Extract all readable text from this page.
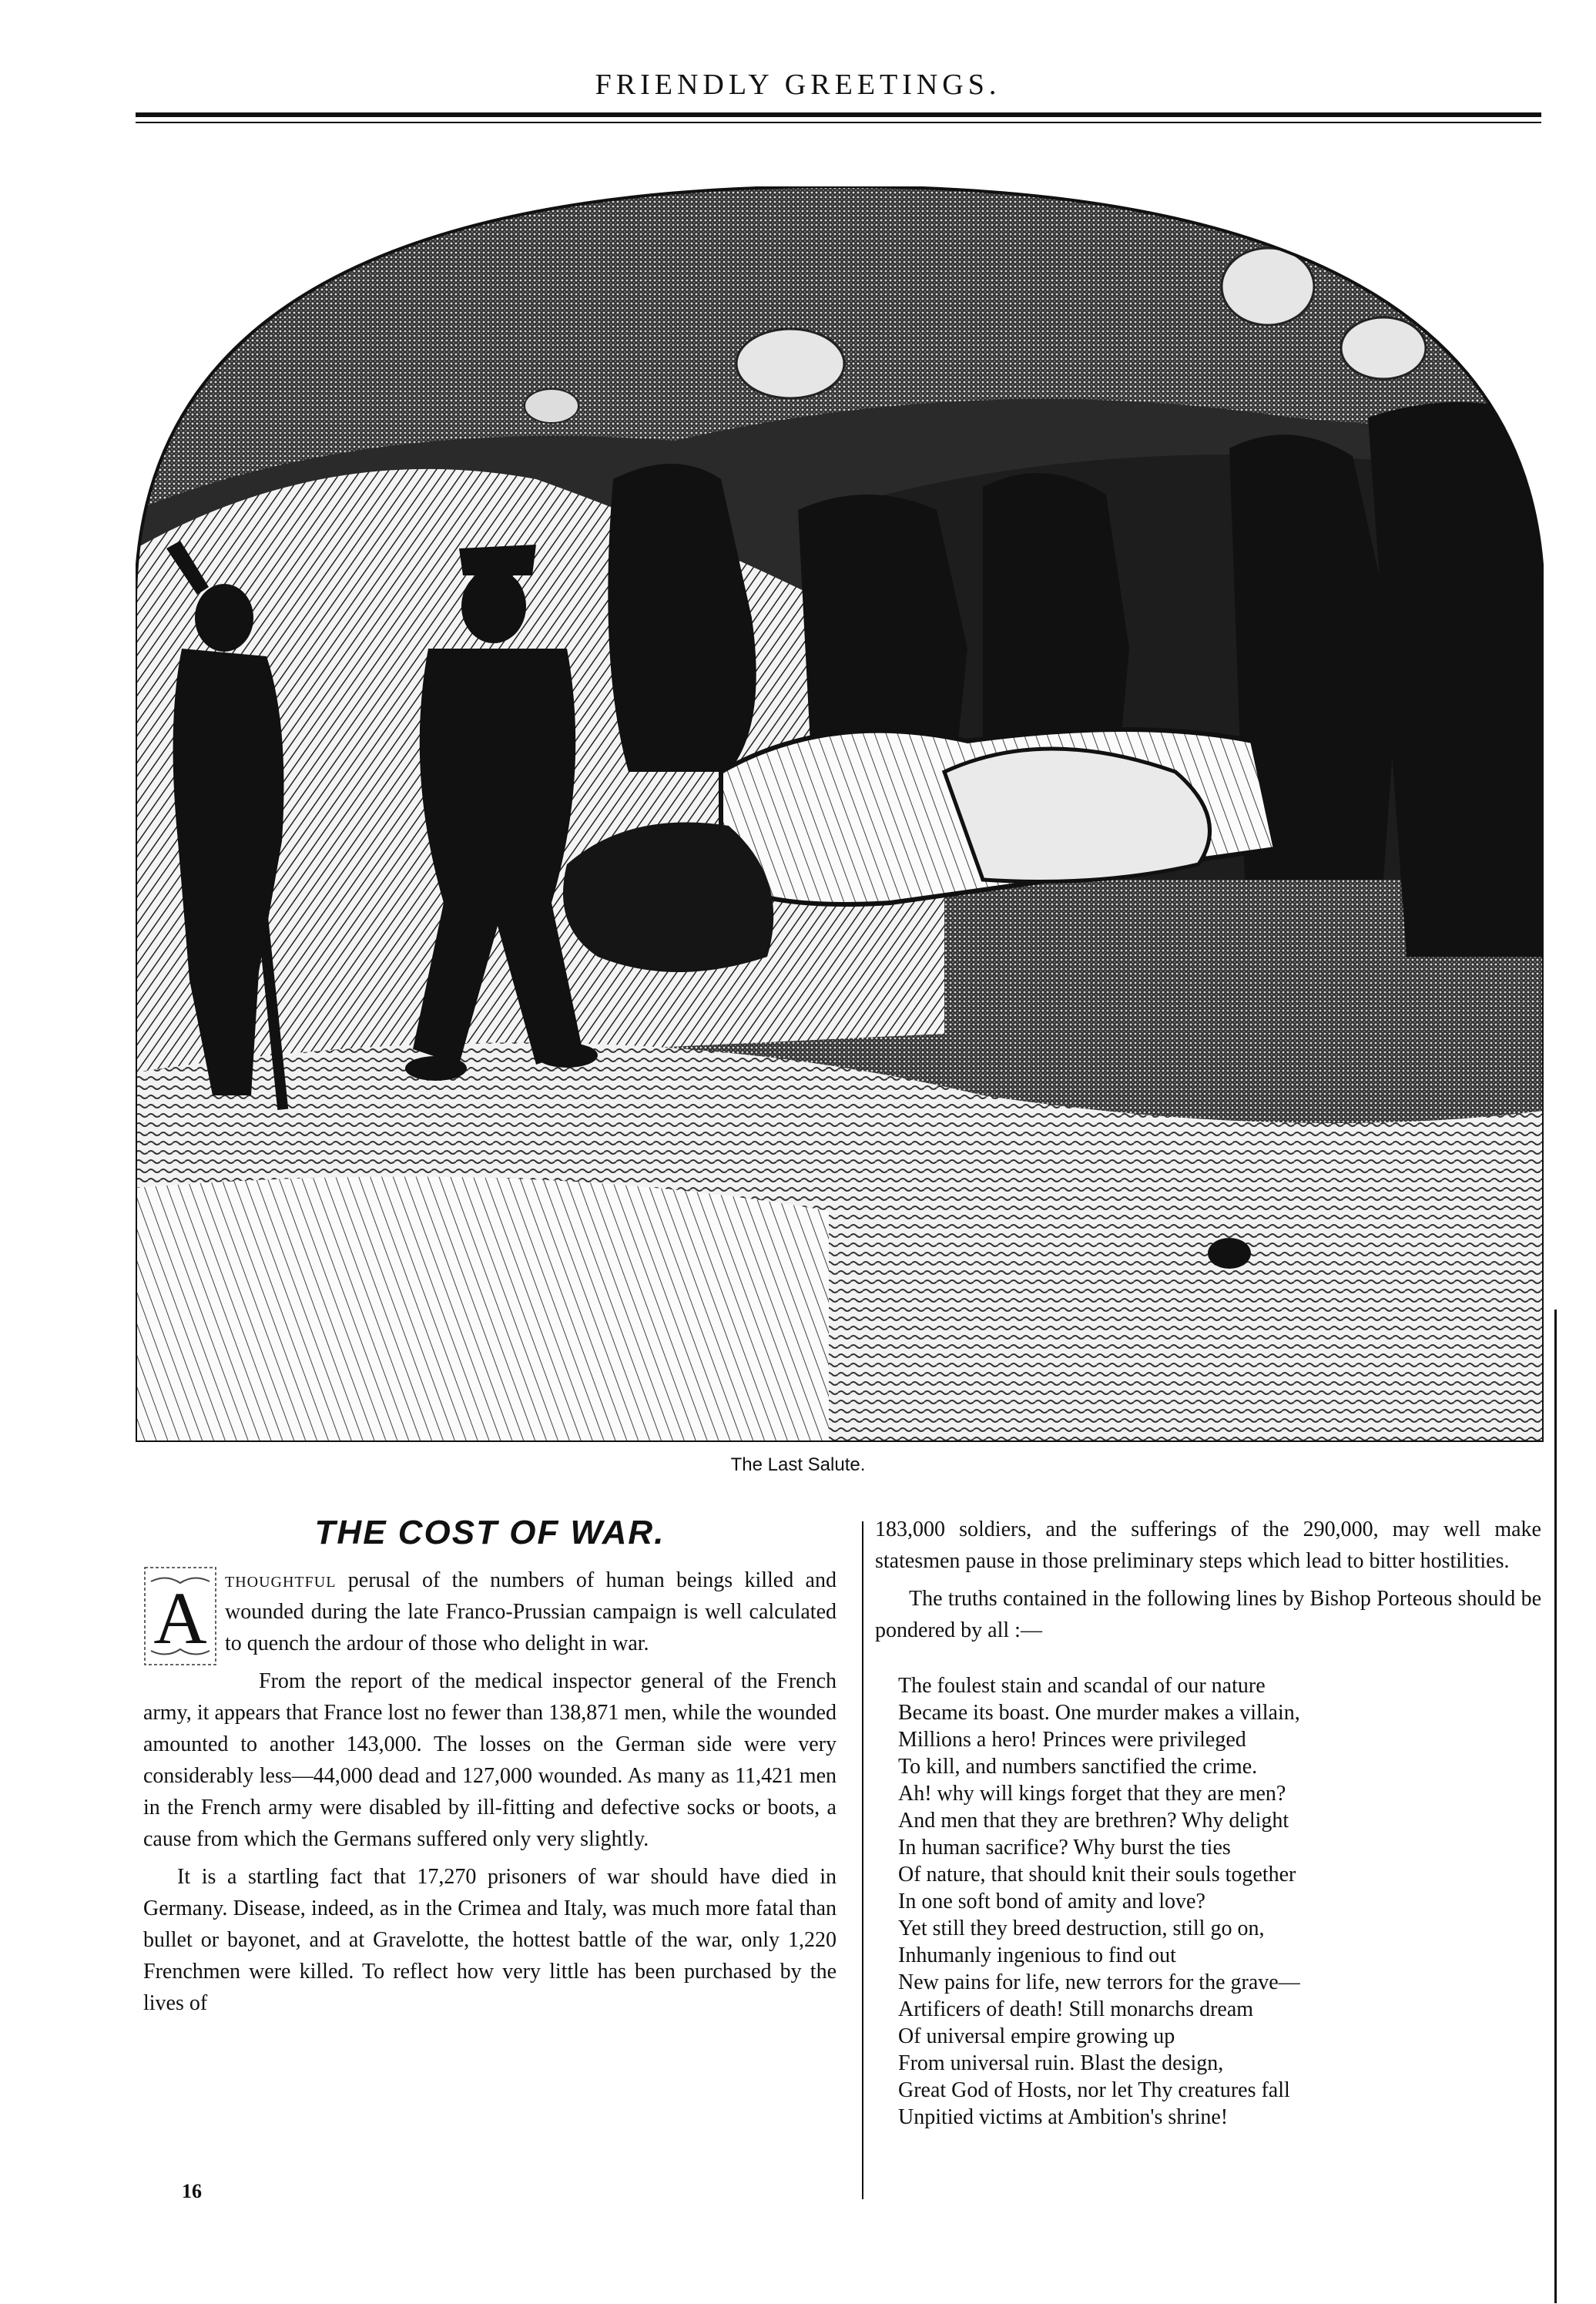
FRIENDLY GREETINGS.
The Last Salute.
THE COST OF WAR.

A thoughtful perusal of the numbers of human beings killed and wounded during the late Franco-Prussian campaign is well calculated to quench the ardour of those who delight in war.

From the report of the medical inspector general of the French army, it appears that France lost no fewer than 138,871 men, while the wounded amounted to another 143,000. The losses on the German side were very considerably less—44,000 dead and 127,000 wounded. As many as 11,421 men in the French army were disabled by ill-fitting and defective socks or boots, a cause from which the Germans suffered only very slightly.

It is a startling fact that 17,270 prisoners of war should have died in Germany. Disease, indeed, as in the Crimea and Italy, was much more fatal than bullet or bayonet, and at Gravelotte, the hottest battle of the war, only 1,220 Frenchmen were killed. To reflect how very little has been purchased by the lives of

183,000 soldiers, and the sufferings of the 290,000, may well make statesmen pause in those preliminary steps which lead to bitter hostilities.

The truths contained in the following lines by Bishop Porteous should be pondered by all :—

The foulest stain and scandal of our nature
Became its boast. One murder makes a villain,
Millions a hero! Princes were privileged
To kill, and numbers sanctified the crime.
Ah! why will kings forget that they are men?
And men that they are brethren? Why delight
In human sacrifice? Why burst the ties
Of nature, that should knit their souls together
In one soft bond of amity and love?
Yet still they breed destruction, still go on,
Inhumanly ingenious to find out
New pains for life, new terrors for the grave—
Artificers of death! Still monarchs dream
Of universal empire growing up
From universal ruin. Blast the design,
Great God of Hosts, nor let Thy creatures fall
Unpitied victims at Ambition's shrine!
16
